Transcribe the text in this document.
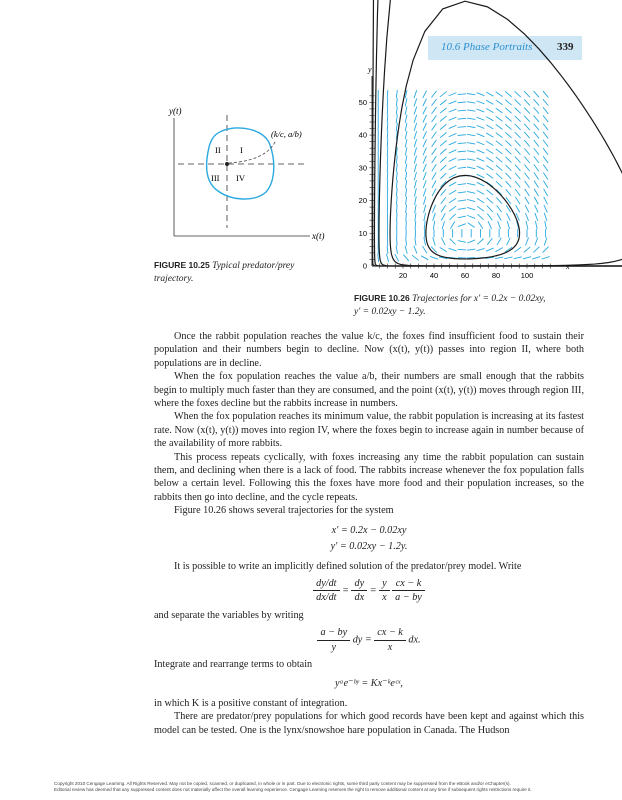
10.6 Phase Portraits 339
y(t)
x(t)
(k/c, a/b)
II I
III IV
20	40	60	80	100
0
10
20
30
40
50
x
y
FIGURE 10.25 Typical predator/prey trajectory.
FIGURE 10.26 Trajectories for x′ = 0.2x − 0.02xy,
y′ = 0.02xy − 1.2y.

Once the rabbit population reaches the value k/c, the foxes find insufficient food to sustain their population and their numbers begin to decline. Now (x(t), y(t)) passes into region II, where both populations are in decline.

When the fox population reaches the value a/b, their numbers are small enough that the rabbits begin to multiply much faster than they are consumed, and the point (x(t), y(t)) moves through region III, where the foxes decline but the rabbits increase in numbers.

When the fox population reaches its minimum value, the rabbit population is increasing at its fastest rate. Now (x(t), y(t)) moves into region IV, where the foxes begin to increase again in number because of the availability of more rabbits.

This process repeats cyclically, with foxes increasing any time the rabbit population can sustain them, and declining when there is a lack of food. The rabbits increase whenever the fox population falls below a certain level. Following this the foxes have more food and their population increases, so the rabbits then go into decline, and the cycle repeats.

Figure 10.26 shows several trajectories for the system

x′ = 0.2x − 0.02xy
y′ = 0.02xy − 1.2y.

It is possible to write an implicitly defined solution of the predator/prey model. Write

$\frac{dy/dt}{dx/dt} = \frac{dy}{dx} = \frac{y}{x}$
$\frac{cx - k}{a - by}$

and separate the variables by writing

$\frac{a - by}{y}$ dy = $\frac{cx - k}{x}$ dx.

Integrate and rearrange terms to obtain

yᵃe⁻ᵇʸ = Kx⁻ᵏeᶜˣ,

in which K is a positive constant of integration.

There are predator/prey populations for which good records have been kept and against which this model can be tested. One is the lynx/snowshoe hare population in Canada. The Hudson

Copyright 2010 Cengage Learning. All Rights Reserved. May not be copied, scanned, or duplicated, in whole or in part. Due to electronic rights, some third party content may be suppressed from the eBook and/or eChapter(s).
Editorial review has deemed that any suppressed content does not materially affect the overall learning experience. Cengage Learning reserves the right to remove additional content at any time if subsequent rights restrictions require it.
